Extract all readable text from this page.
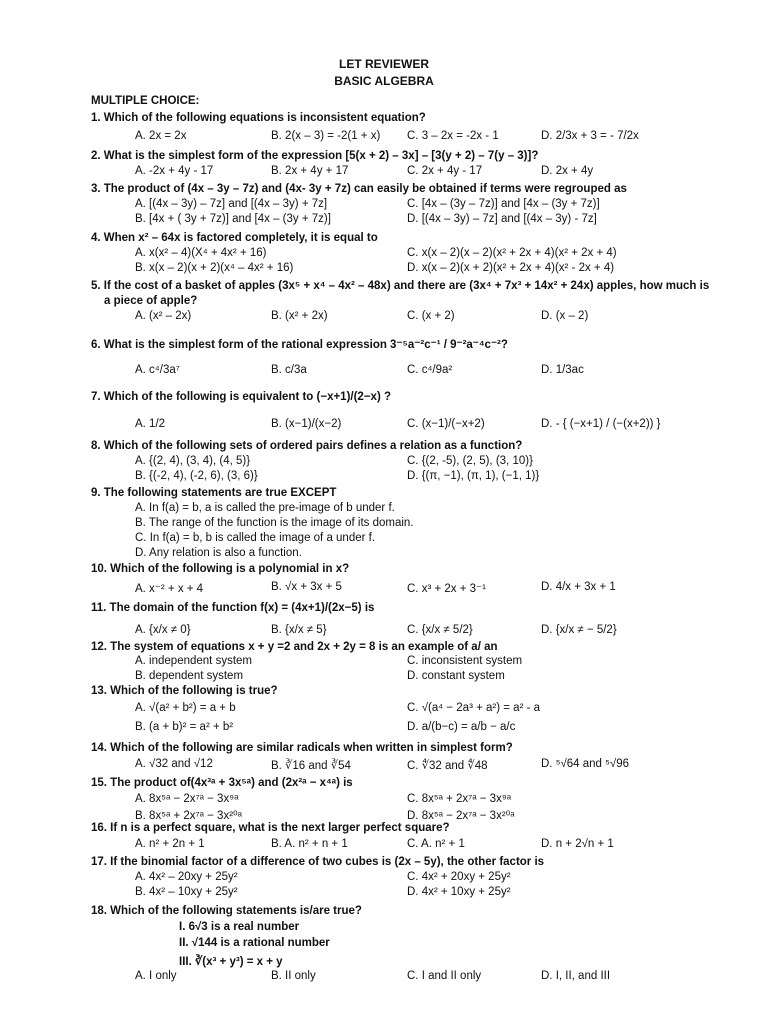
LET REVIEWER
BASIC ALGEBRA
MULTIPLE CHOICE:
1. Which of the following equations is inconsistent equation?
A. 2x = 2x	B. 2(x – 3) = -2(1 + x) C. 3 – 2x = -2x - 1	D. 2/3x + 3 = - 7/2x
2. What is the simplest form of the expression [5(x + 2) – 3x] – [3(y + 2) – 7(y – 3)]?
A. -2x + 4y - 17	B. 2x + 4y + 17	C. 2x + 4y - 17	D. 2x + 4y
3. The product of (4x – 3y – 7z) and (4x- 3y + 7z) can easily be obtained if terms were regrouped as
A. [(4x – 3y) – 7z] and [(4x – 3y) + 7z]	C. [4x – (3y – 7z)] and [4x – (3y + 7z)]
B. [4x + ( 3y + 7z)] and [4x – (3y + 7z)]	D. [(4x – 3y) – 7z] and [(4x – 3y) - 7z]
4. When x² – 64x is factored completely, it is equal to
A. x(x² – 4)(X⁴ + 4x² + 16)	C. x(x – 2)(x – 2)(x² + 2x + 4)(x² + 2x + 4)
B. x(x – 2)(x + 2)(x⁴ – 4x² + 16)	D. x(x – 2)(x + 2)(x² + 2x + 4)(x² - 2x + 4)
5. If the cost of a basket of apples (3x⁵ + x⁴ – 4x² – 48x) and there are (3x⁴ + 7x³ + 14x² + 24x) apples, how much is
a piece of apple?
A. (x² – 2x)	B. (x² + 2x)	C. (x + 2)	D. (x – 2)
6. What is the simplest form of the rational expression 3⁻⁵a⁻²c⁻¹ / 9⁻²a⁻⁴c⁻²?
A. c⁴/3a⁷	B. c/3a	C. c⁴/9a²	D. 1/3ac
7. Which of the following is equivalent to (−x+1)/(2−x) ?
A. 1/2	B. (x−1)/(x−2)	C. (x−1)/(−x+2)	D. - { (−x+1) / (−(x+2)) }
8. Which of the following sets of ordered pairs defines a relation as a function?
A. {(2, 4), (3, 4), (4, 5)}	C. {(2, -5), (2, 5), (3, 10)}
B. {(-2, 4), (-2, 6), (3, 6)}	D. {(π, −1), (π, 1), (−1, 1)}
9. The following statements are true EXCEPT
A. In f(a) = b, a is called the pre-image of b under f.
B. The range of the function is the image of its domain.
C. In f(a) = b, b is called the image of a under f.
D. Any relation is also a function.
10. Which of the following is a polynomial in x?
A. x⁻² + x + 4	B. √x + 3x + 5	C. x³ + 2x + 3⁻¹	D. 4/x + 3x + 1
11. The domain of the function f(x) = (4x+1)/(2x−5) is
A. {x/x ≠ 0}	B. {x/x ≠ 5}	C. {x/x ≠ 5/2}	D. {x/x ≠ − 5/2}
12. The system of equations x + y =2 and 2x + 2y = 8 is an example of a/ an
A. independent system	C. inconsistent system
B. dependent system	D. constant system
13. Which of the following is true?
A. √(a² + b²) = a + b	C. √(a⁴ − 2a³ + a²) = a² - a
B. (a + b)² = a² + b²	D. a/(b−c) = a/b − a/c
14. Which of the following are similar radicals when written in simplest form?
A. √32 and √12	B. ∛16 and ∛54	C. ∜32 and ∜48	D. ⁵√64 and ⁵√96
15. The product of(4x³ᵃ + 3x⁵ᵃ) and (2x²ᵃ − x⁴ᵃ) is
A. 8x⁵ᵃ − 2x⁷ᵃ − 3x⁹ᵃ	C. 8x⁵ᵃ + 2x⁷ᵃ − 3x⁹ᵃ
B. 8x⁵ᵃ + 2x⁷ᵃ − 3x²⁰ᵃ	D. 8x⁵ᵃ − 2x⁷ᵃ − 3x²⁰ᵃ
16. If n is a perfect square, what is the next larger perfect square?
A. n² + 2n + 1	B. A. n² + n + 1	C. A. n² + 1	D. n + 2√n + 1
17. If the binomial factor of a difference of two cubes is (2x – 5y), the other factor is
A. 4x² – 20xy + 25y²	C. 4x² + 20xy + 25y²
B. 4x² – 10xy + 25y²	D. 4x² + 10xy + 25y²
18. Which of the following statements is/are true?
I. 6√3 is a real number
II. √144 is a rational number
III. ∛(x³ + y³) = x + y
A. I only	B. II only	C. I and II only	D. I, II, and III
